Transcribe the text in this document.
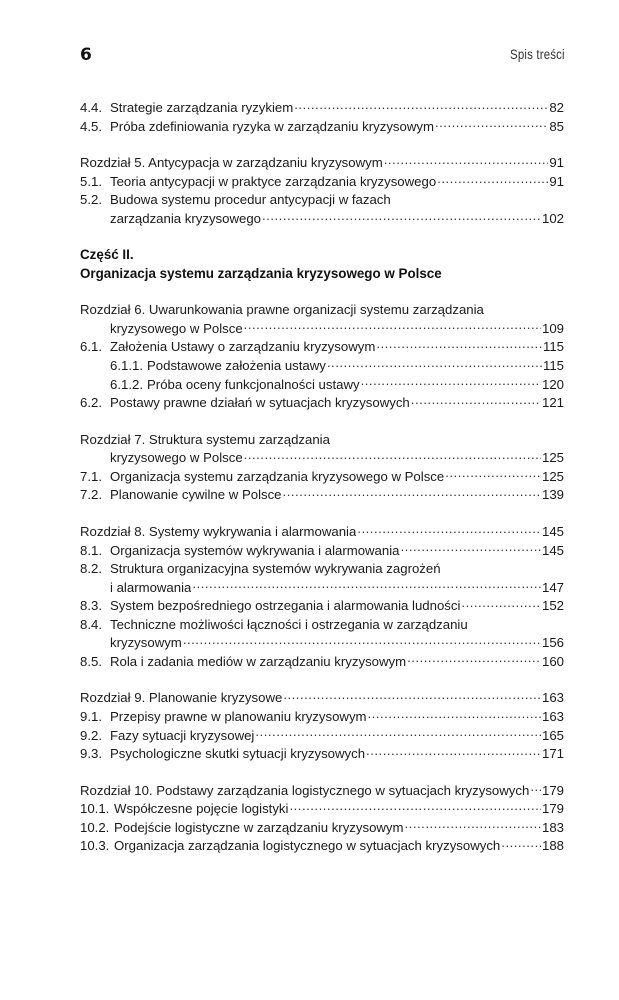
6	Spis treści
4.4. Strategie zarządzania ryzykiem .....	82
4.5. Próba zdefiniowania ryzyka w zarządzaniu kryzysowym .....	85
Rozdział 5. Antycypacja w zarządzaniu kryzysowym .....	91
5.1. Teoria antycypacji w praktyce zarządzania kryzysowego .....	91
5.2. Budowa systemu procedur antycypacji w fazach
zarządzania kryzysowego .....	102
Część II.
Organizacja systemu zarządzania kryzysowego w Polsce
Rozdział 6. Uwarunkowania prawne organizacji systemu zarządzania
kryzysowego w Polsce .....	109
6.1. Założenia Ustawy o zarządzaniu kryzysowym .....	115
6.1.1. Podstawowe założenia ustawy .....	115
6.1.2. Próba oceny funkcjonalności ustawy .....	120
6.2. Postawy prawne działań w sytuacjach kryzysowych .....	121
Rozdział 7. Struktura systemu zarządzania
kryzysowego w Polsce .....	125
7.1. Organizacja systemu zarządzania kryzysowego w Polsce .....	125
7.2. Planowanie cywilne w Polsce .....	139
Rozdział 8. Systemy wykrywania i alarmowania .....	145
8.1. Organizacja systemów wykrywania i alarmowania .....	145
8.2. Struktura organizacyjna systemów wykrywania zagrożeń
i alarmowania .....	147
8.3. System bezpośredniego ostrzegania i alarmowania ludności .....	152
8.4. Techniczne możliwości łączności i ostrzegania w zarządzaniu
kryzysowym .....	156
8.5. Rola i zadania mediów w zarządzaniu kryzysowym .....	160
Rozdział 9. Planowanie kryzysowe .....	163
9.1. Przepisy prawne w planowaniu kryzysowym .....	163
9.2. Fazy sytuacji kryzysowej .....	165
9.3. Psychologiczne skutki sytuacji kryzysowych .....	171
Rozdział 10. Podstawy zarządzania logistycznego w sytuacjach kryzysowych ..... 179
10.1. Współczesne pojęcie logistyki .....	179
10.2. Podejście logistyczne w zarządzaniu kryzysowym .....	183
10.3. Organizacja zarządzania logistycznego w sytuacjach kryzysowych .....	188
